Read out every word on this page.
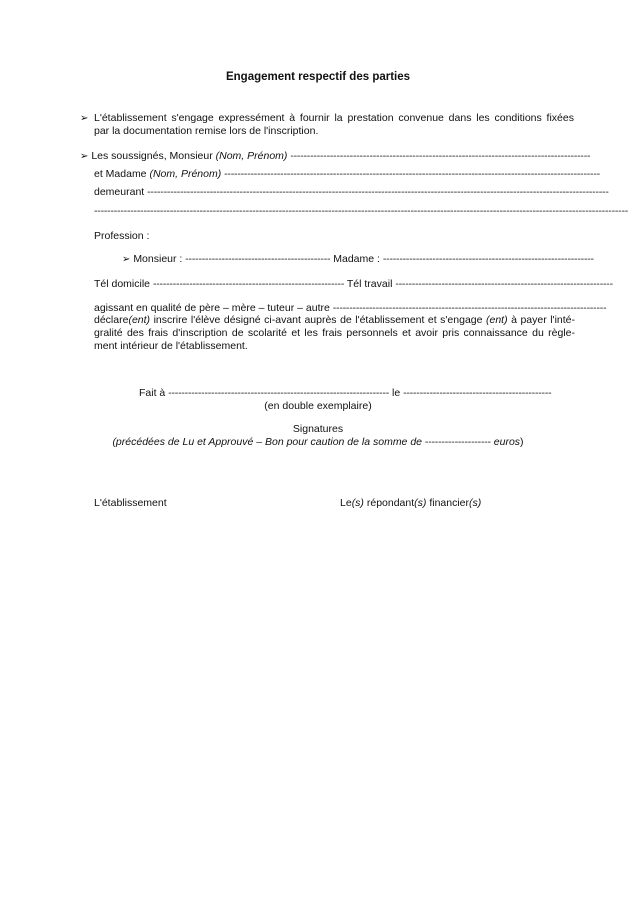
Engagement respectif des parties
➢ L'établissement s'engage expressément à fournir la prestation convenue dans les conditions fixées
par la documentation remise lors de l'inscription.
➢ Les soussignés, Monsieur (Nom, Prénom) -------------------------------------------------------------------------------------------
et Madame (Nom, Prénom) ------------------------------------------------------------------------------------------------------------------
demeurant --------------------------------------------------------------------------------------------------------------------------------------------
------------------------------------------------------------------------------------------------------------------------------------------------------------------
Profession :
➢ Monsieur : -------------------------------------------- Madame : ----------------------------------------------------------------
Tél domicile ---------------------------------------------------------- Tél travail ------------------------------------------------------------------
agissant en qualité de père – mère – tuteur – autre -----------------------------------------------------------------------------------
déclare(ent) inscrire l'élève désigné ci-avant auprès de l'établissement et s'engage (ent) à payer l'inté-
gralité des frais d'inscription de scolarité et les frais personnels et avoir pris connaissance du règle-
ment intérieur de l'établissement.
Fait à ------------------------------------------------------------------- le ---------------------------------------------
(en double exemplaire)
Signatures
(précédées de Lu et Approuvé – Bon pour caution de la somme de -------------------- euros)
L'établissement	Le(s) répondant(s) financier(s)
